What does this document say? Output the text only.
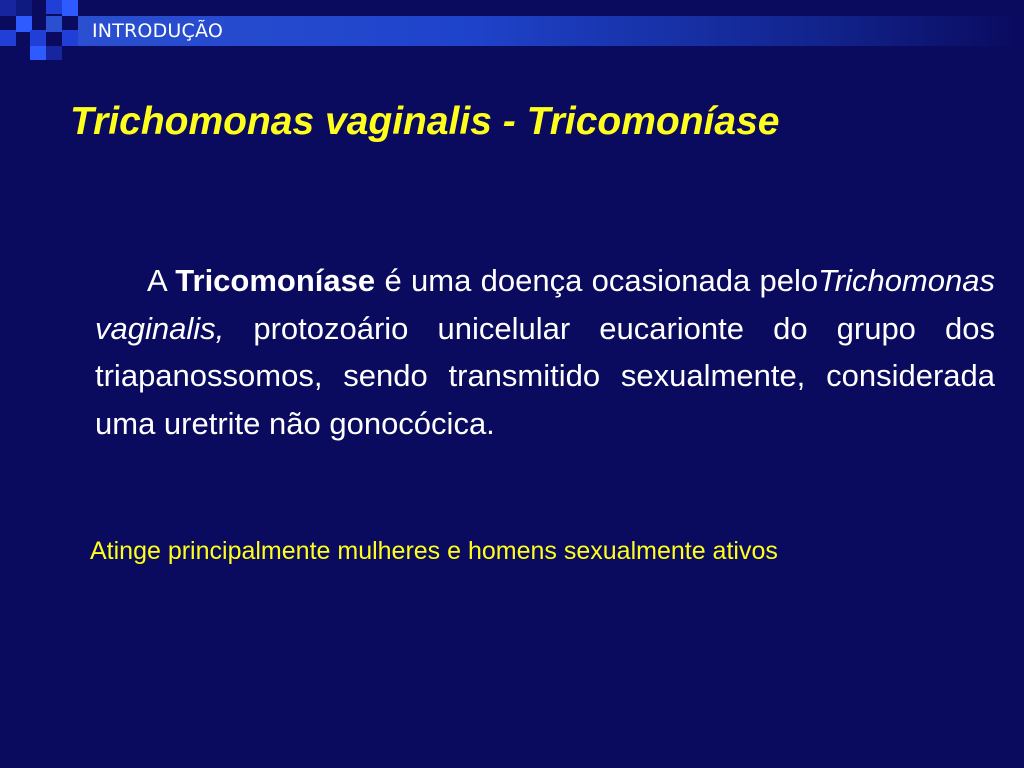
INTRODUÇÃO
Trichomonas vaginalis - Tricomoníase
A Tricomoníase é uma doença ocasionada peloTrichomonas vaginalis, protozoário unicelular eucarionte do grupo dos triapanossomos, sendo transmitido sexualmente, considerada uma uretrite não gonocócica.
Atinge principalmente mulheres e homens sexualmente ativos
